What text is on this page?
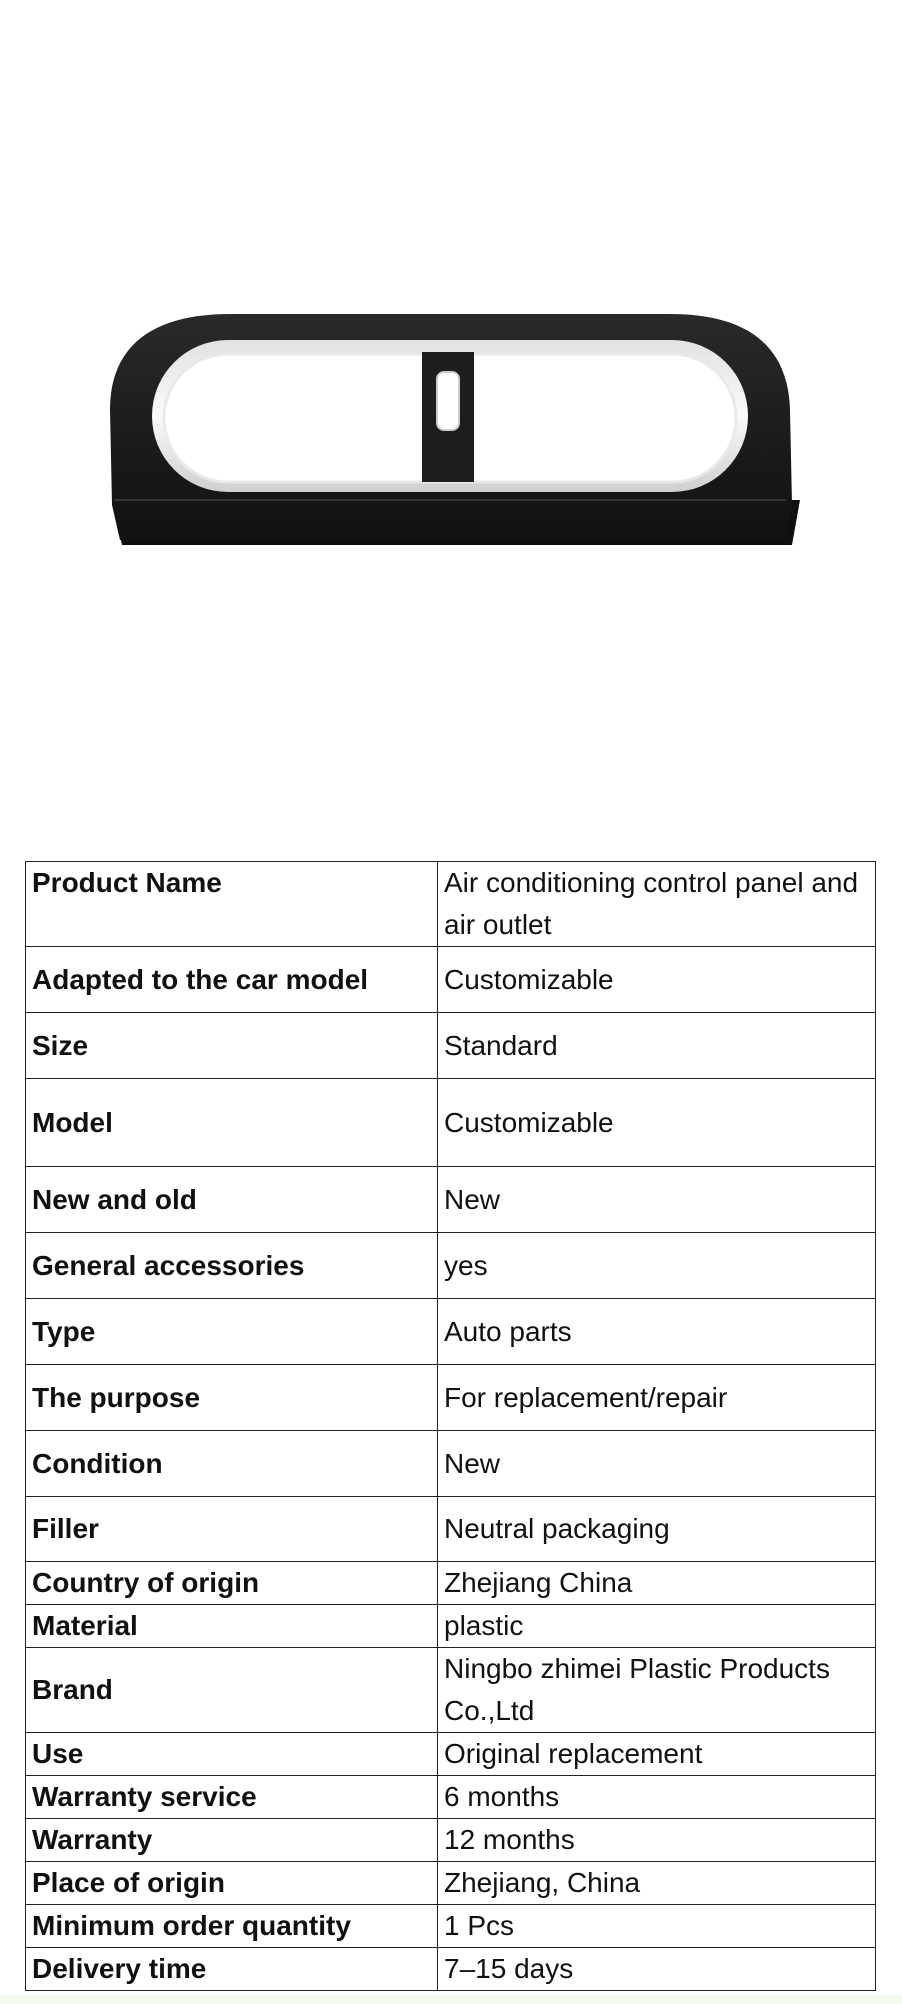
Product Name	Air conditioning control panel and air outlet
Adapted to the car model	Customizable
Size	Standard
Model	Customizable
New and old	New
General accessories	yes
Type	Auto parts
The purpose	For replacement/repair
Condition	New
Filler	Neutral packaging
Country of origin	Zhejiang China
Material	plastic
Brand	Ningbo zhimei Plastic Products Co.,Ltd
Use	Original replacement
Warranty service	6 months
Warranty	12 months
Place of origin	Zhejiang, China
Minimum order quantity	1 Pcs
Delivery time	7–15 days
